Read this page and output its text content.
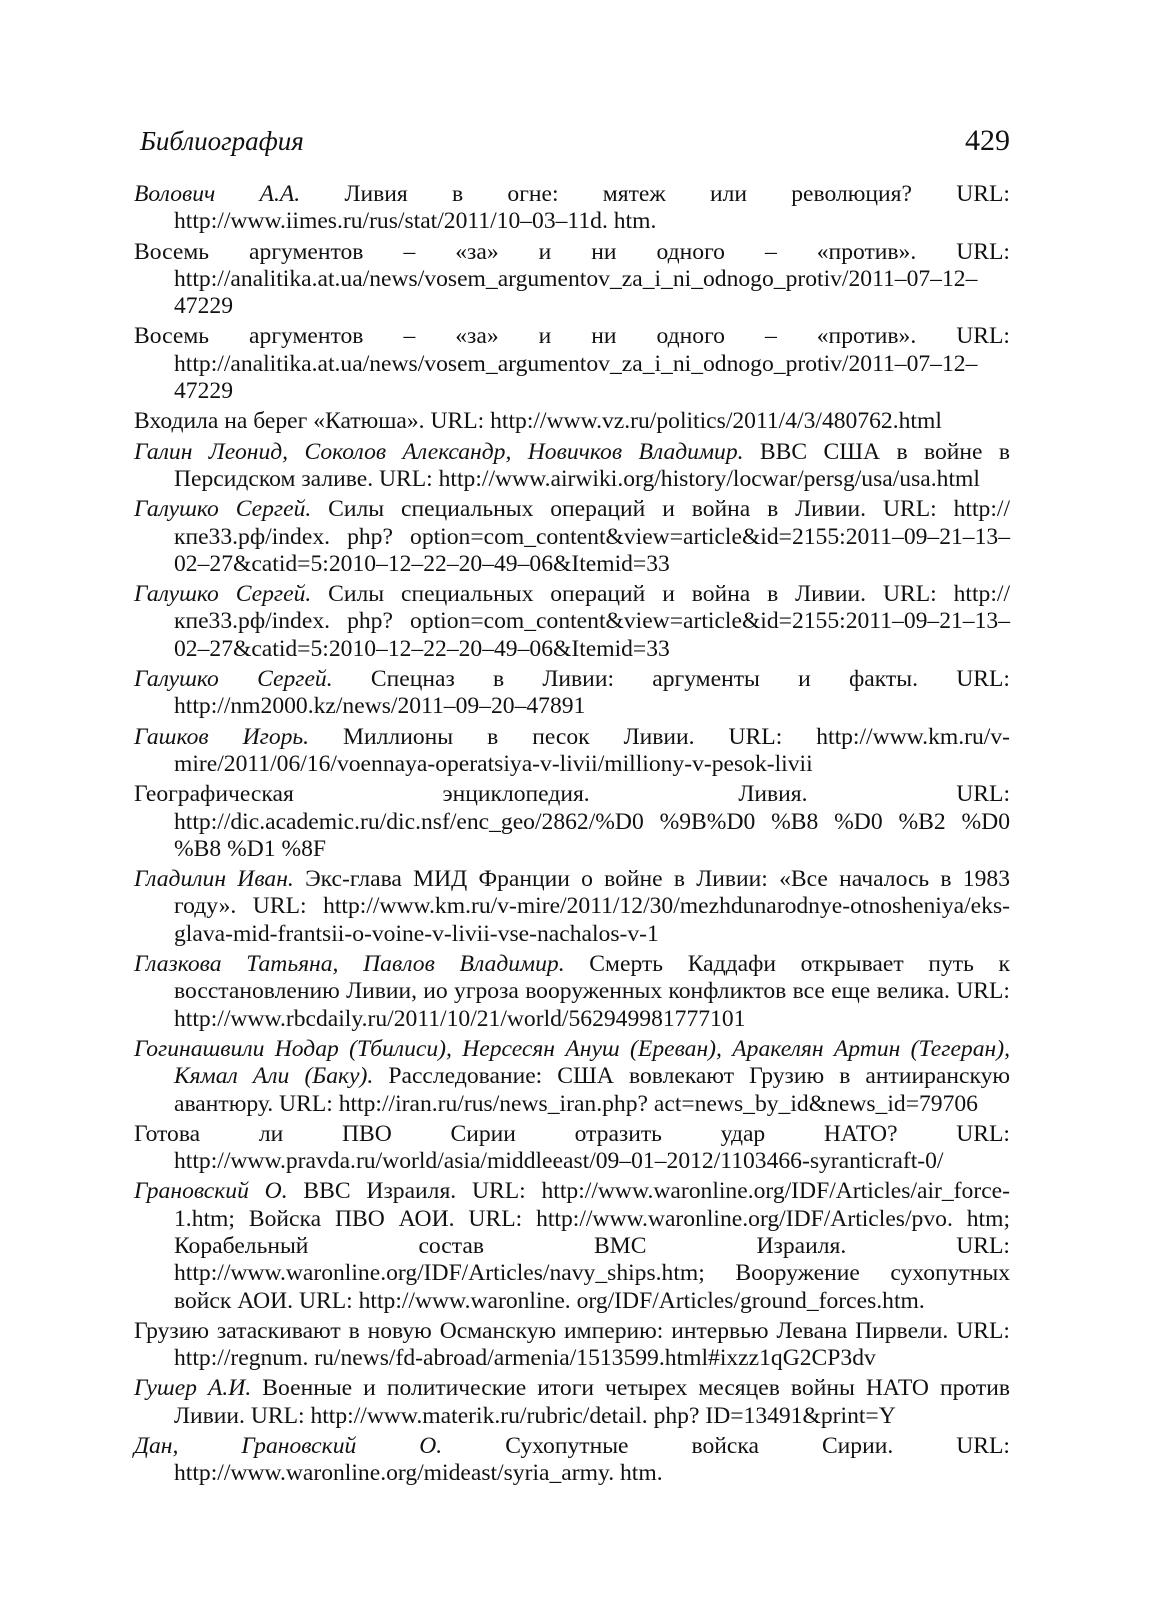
Библиография	429
Волович А.А. Ливия в огне: мятеж или революция? URL: http://www.iimes.ru/rus/stat/2011/10–03–11d. htm.
Восемь аргументов – «за» и ни одного – «против». URL: http://analitika.at.ua/news/vosem_argumentov_za_i_ni_odnogo_protiv/2011–07–12–47229
Восемь аргументов – «за» и ни одного – «против». URL: http://analitika.at.ua/news/vosem_argumentov_za_i_ni_odnogo_protiv/2011–07–12–47229
Входила на берег «Катюша». URL: http://www.vz.ru/politics/2011/4/3/480762.html
Галин Леонид, Соколов Александр, Новичков Владимир. ВВС США в войне в Персидском заливе. URL: http://www.airwiki.org/history/locwar/persg/usa/usa.html
Галушко Сергей. Силы специальных операций и война в Ливии. URL: http://кпе33.рф/index. php? option=com_content&view=article&id=2155:2011–09–21–13–02–27&catid=5:2010–12–22–20–49–06&Itemid=33
Галушко Сергей. Силы специальных операций и война в Ливии. URL: http://кпе33.рф/index. php? option=com_content&view=article&id=2155:2011–09–21–13–02–27&catid=5:2010–12–22–20–49–06&Itemid=33
Галушко Сергей. Спецназ в Ливии: аргументы и факты. URL: http://nm2000.kz/news/2011–09–20–47891
Гашков Игорь. Миллионы в песок Ливии. URL: http://www.km.ru/v-mire/2011/06/16/voennaya-operatsiya-v-livii/milliony-v-pesok-livii
Географическая энциклопедия. Ливия. URL: http://dic.academic.ru/dic.nsf/enc_geo/2862/%D0 %9B%D0 %B8 %D0 %B2 %D0 %B8 %D1 %8F
Гладилин Иван. Экс-глава МИД Франции о войне в Ливии: «Все началось в 1983 году». URL: http://www.km.ru/v-mire/2011/12/30/mezhdunarodnye-otnosheniya/eks-glava-mid-frantsii-o-voine-v-livii-vse-nachalos-v-1
Глазкова Татьяна, Павлов Владимир. Смерть Каддафи открывает путь к восстановлению Ливии, ио угроза вооруженных конфликтов все еще велика. URL: http://www.rbcdaily.ru/2011/10/21/world/562949981777101
Гогинашвили Нодар (Тбилиси), Нерсесян Ануш (Ереван), Аракелян Артин (Тегеран), Кямал Али (Баку). Расследование: США вовлекают Грузию в антииранскую авантюру. URL: http://iran.ru/rus/news_iran.php? act=news_by_id&news_id=79706
Готова ли ПВО Сирии отразить удар НАТО? URL: http://www.pravda.ru/world/asia/middleeast/09–01–2012/1103466-syranticraft-0/
Грановский О. ВВС Израиля. URL: http://www.waronline.org/IDF/Articles/air_force-1.htm; Войска ПВО АОИ. URL: http://www.waronline.org/IDF/Articles/pvo. htm; Корабельный состав ВМС Израиля. URL: http://www.waronline.org/IDF/Articles/navy_ships.htm; Вооружение сухопутных войск АОИ. URL: http://www.waronline. org/IDF/Articles/ground_forces.htm.
Грузию затаскивают в новую Османскую империю: интервью Левана Пирвели. URL: http://regnum. ru/news/fd-abroad/armenia/1513599.html#ixzz1qG2CP3dv
Гушер А.И. Военные и политические итоги четырех месяцев войны НАТО против Ливии. URL: http://www.materik.ru/rubric/detail. php? ID=13491&print=Y
Дан, Грановский О. Сухопутные войска Сирии. URL: http://www.waronline.org/mideast/syria_army. htm.
